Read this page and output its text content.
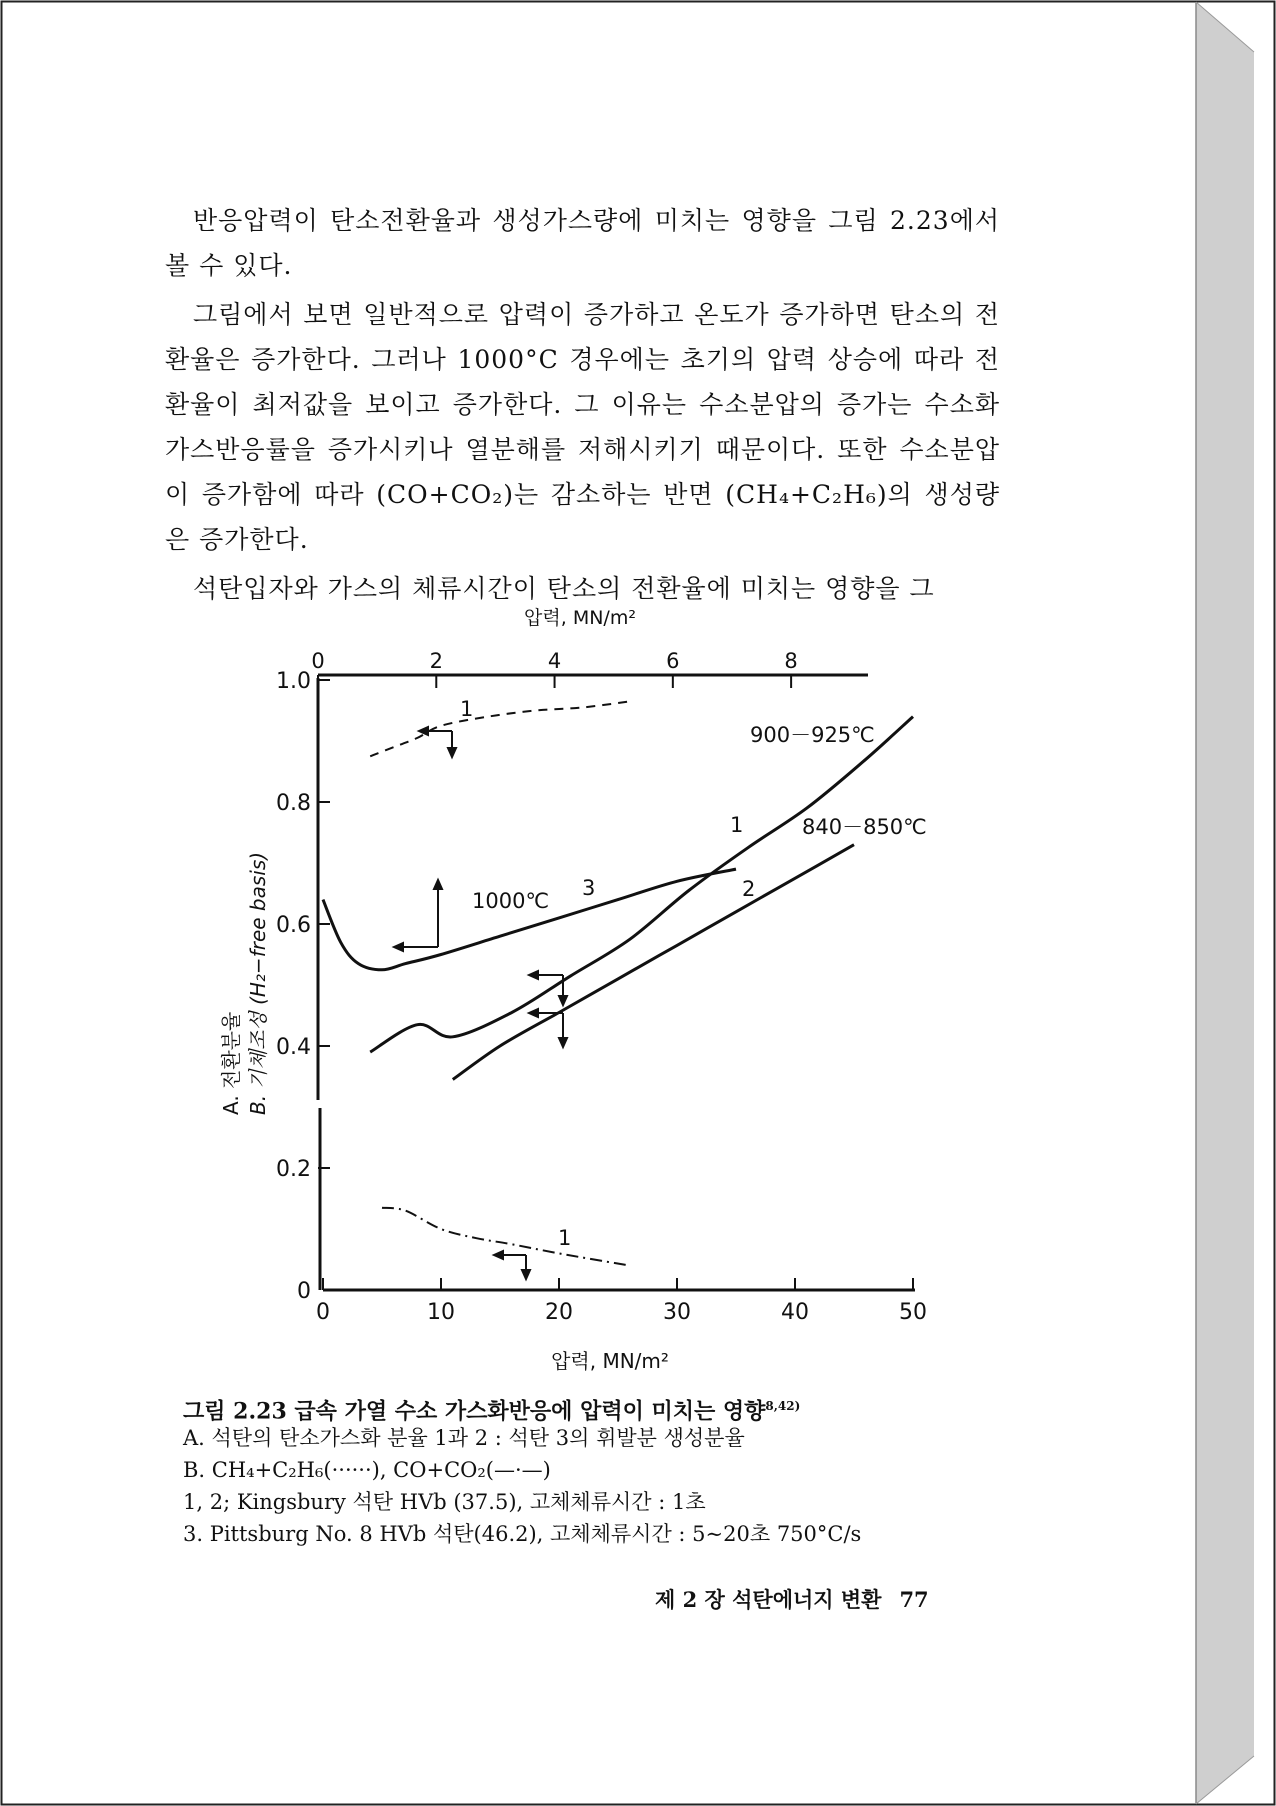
압력, MN/m²
0	2	4	6	8
0	10	20	30	40	50
0
0.2
0.4
0.6
0.8
1.0
A. 전환분율 B. 기체조성 (H₂−free basis)
900－925℃
840－850℃
1000℃
1
2
3
1
1
압력, MN/m²

반응압력이 탄소전환율과 생성가스량에 미치는 영향을 그림 2.23에서 볼 수 있다.

그림에서 보면 일반적으로 압력이 증가하고 온도가 증가하면 탄소의 전환율은 증가한다. 그러나 1000°C 경우에는 초기의 압력 상승에 따라 전환율이 최저값을 보이고 증가한다. 그 이유는 수소분압의 증가는 수소화 가스반응률을 증가시키나 열분해를 저해시키기 때문이다. 또한 수소분압이 증가함에 따라 (CO+CO₂)는 감소하는 반면 (CH₄+C₂H₆)의 생성량은 증가한다.

석탄입자와 가스의 체류시간이 탄소의 전환율에 미치는 영향을 그

그림 2.23 급속 가열 수소 가스화반응에 압력이 미치는 영향$^{8,42)}$
A. 석탄의 탄소가스화 분율 1과 2 : 석탄 3의 휘발분 생성분율
B. CH₄+C₂H₆(······), CO+CO₂(—·—)
1, 2; Kingsbury 석탄 HVb (37.5), 고체체류시간 : 1초
3. Pittsburg No. 8 HVb 석탄(46.2), 고체체류시간 : 5∼20초 750°C/s
제 2 장 석탄에너지 변환 77
